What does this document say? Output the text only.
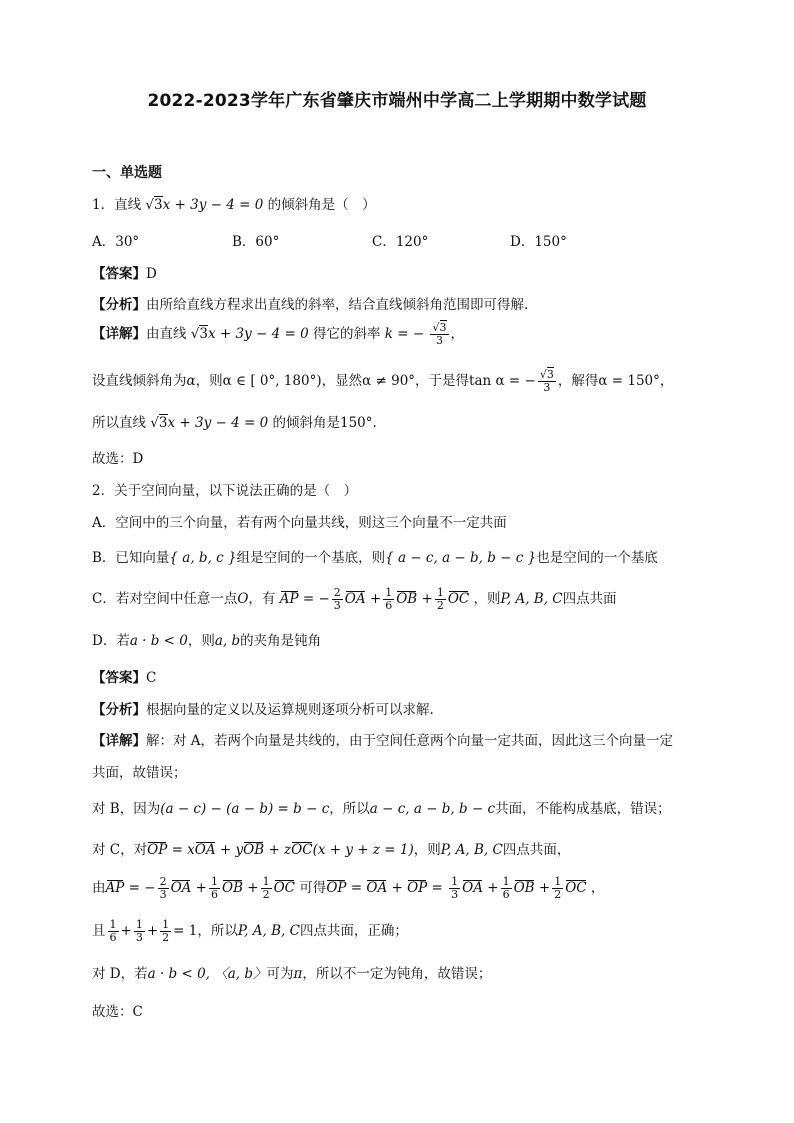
2022-2023学年广东省肇庆市端州中学高二上学期期中数学试题
一、单选题
1．直线 √3x + 3y − 4 = 0 的倾斜角是（　）
A．30°	B．60°	C．120°	D．150°
【答案】D
【分析】由所给直线方程求出直线的斜率，结合直线倾斜角范围即可得解.
【详解】由直线 √3x + 3y − 4 = 0 得它的斜率 k = − $\frac{√3}{3}$ ，
设直线倾斜角为α，则α ∈ [ 0°, 180°)，显然α ≠ 90°，于是得tan α = − $\frac{√3}{3}$ ，解得α = 150°，
所以直线 √3x + 3y − 4 = 0 的倾斜角是150°.
故选：D
2．关于空间向量，以下说法正确的是（　）
A．空间中的三个向量，若有两个向量共线，则这三个向量不一定共面
B．已知向量{ a, b, c }组是空间的一个基底，则{ a − c, a − b, b − c }也是空间的一个基底
C．若对空间中任意一点O，有 AP = − $\frac{2}{3}$ OA + $\frac{1}{6}$ OB + $\frac{1}{2}$ OC ，则P, A, B, C四点共面
D．若a · b < 0，则a, b的夹角是钝角
【答案】C
【分析】根据向量的定义以及运算规则逐项分析可以求解.
【详解】解：对 A，若两个向量是共线的，由于空间任意两个向量一定共面，因此这三个向量一定
共面，故错误；
对 B，因为(a − c) − (a − b) = b − c，所以a − c, a − b, b − c共面，不能构成基底，错误；
对 C，对OP = xOA + yOB + zOC(x + y + z = 1)，则P, A, B, C四点共面，
由AP = − $\frac{2}{3}$ OA + $\frac{1}{6}$ OB + $\frac{1}{2}$ OC 可得OP = OA + OP = $\frac{1}{3}$ OA + $\frac{1}{6}$ OB + $\frac{1}{2}$ OC ，
且 $\frac{1}{6} + \frac{1}{3} + \frac{1}{2} = 1$，所以P, A, B, C四点共面，正确；
对 D，若a · b < 0, 〈a, b〉可为π，所以不一定为钝角，故错误；
故选：C
